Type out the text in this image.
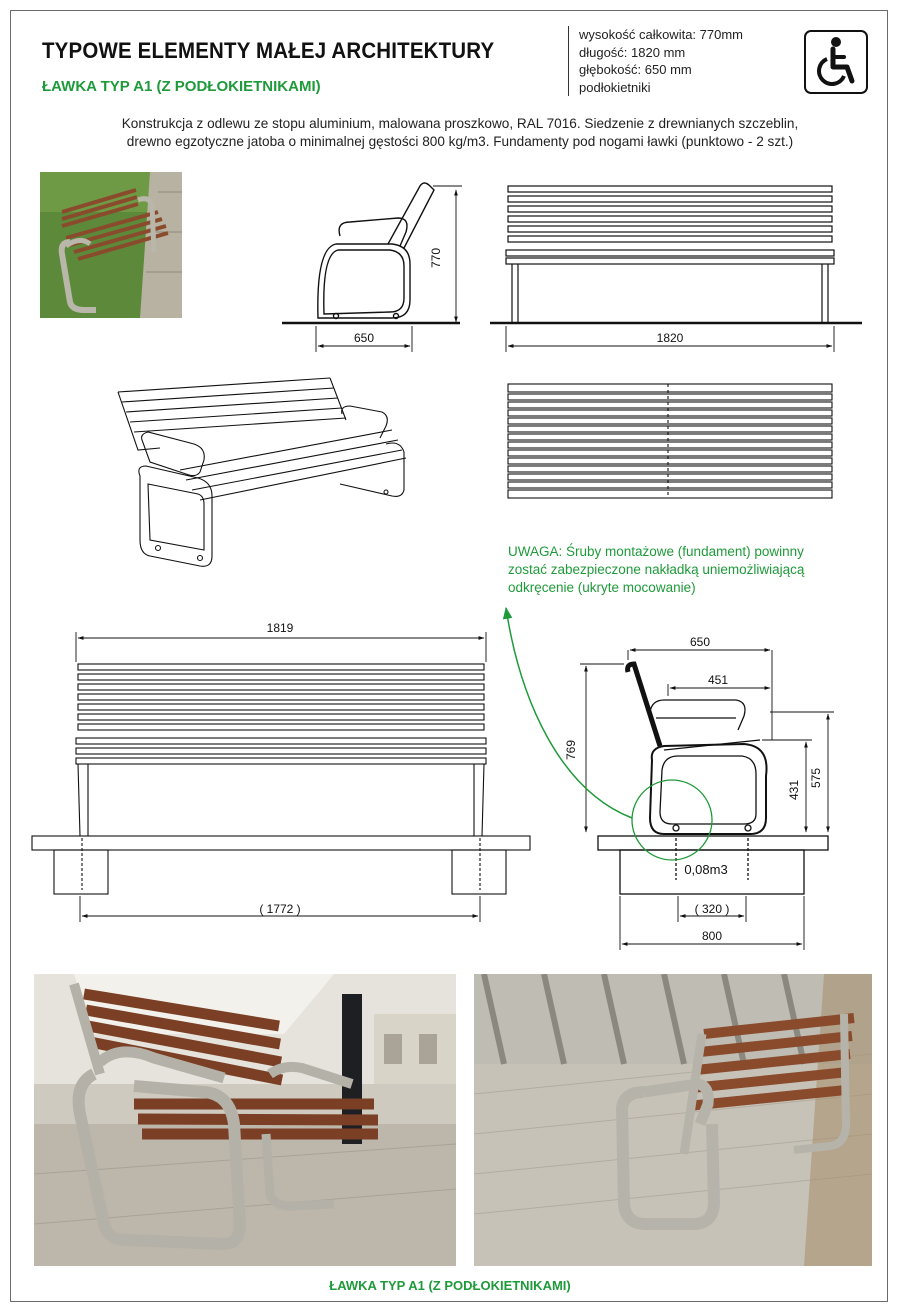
TYPOWE ELEMENTY MAŁEJ ARCHITEKTURY
ŁAWKA TYP A1 (Z PODŁOKIETNIKAMI)
wysokość całkowita: 770mm
długość: 1820 mm
głębokość: 650 mm
podłokietniki
Konstrukcja z odlewu ze stopu aluminium, malowana proszkowo, RAL 7016. Siedzenie z drewnianych szczeblin,
drewno egzotyczne jatoba o minimalnej gęstości 800 kg/m3. Fundamenty pod nogami ławki (punktowo - 2 szt.)
770
650	1820
1819
( 1772 )
650
451
769
431
575
0,08m3
( 320 )
800
UWAGA: Śruby montażowe (fundament) powinny
zostać zabezpieczone nakładką uniemożliwiającą
odkręcenie (ukryte mocowanie)
ŁAWKA TYP A1 (Z PODŁOKIETNIKAMI)
